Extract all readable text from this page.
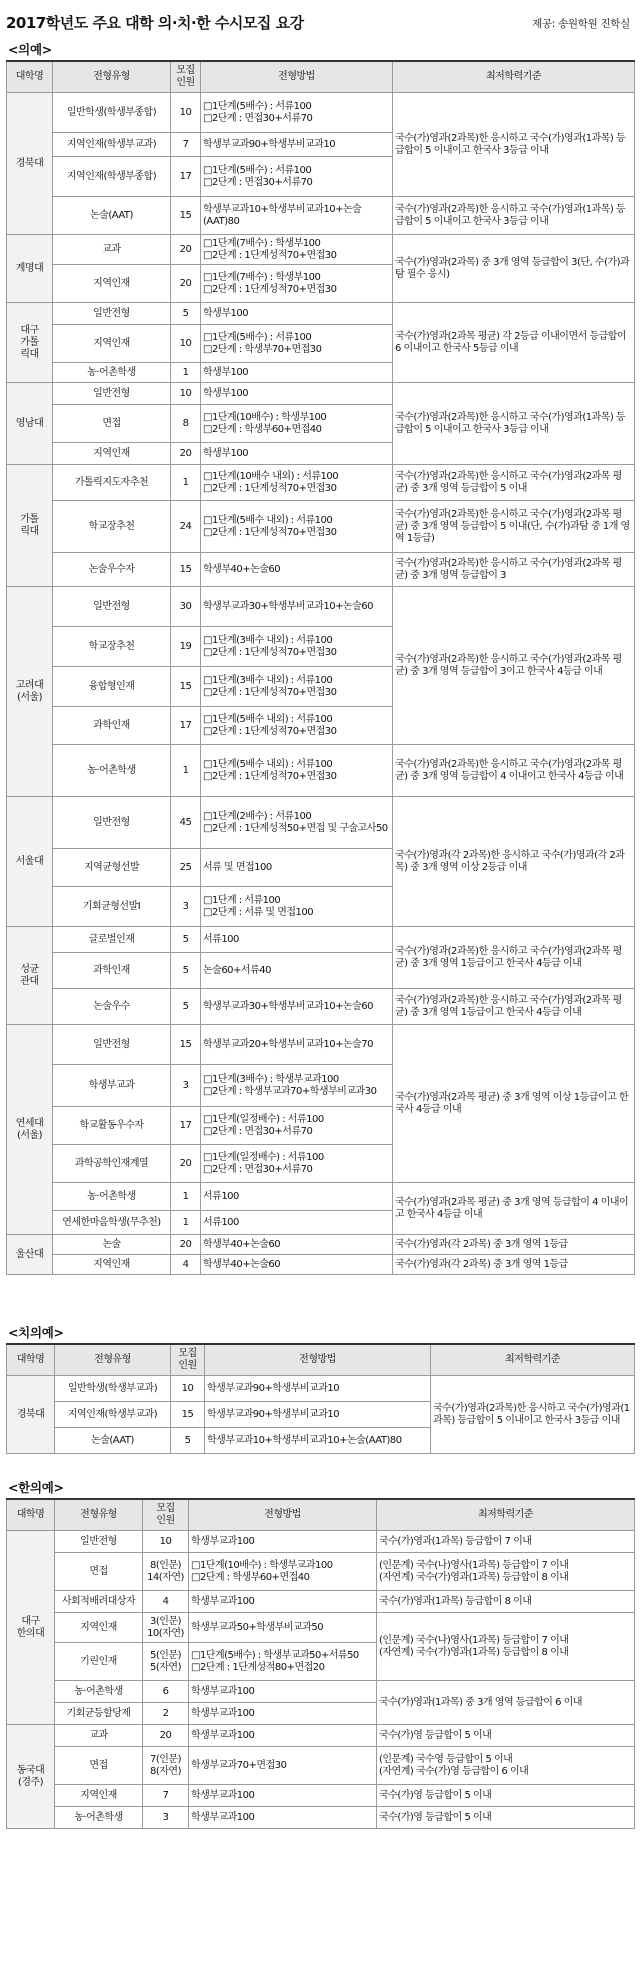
2017학년도 주요 대학 의·치·한 수시모집 요강	제공: 송원학원 진학실
<의예>
대학명	전형유형	모집
인원	전형방법	최저학력기준

경북대	일반학생(학생부종합)	10	□1단계(5배수) : 서류100
□2단계 : 면접30+서류70	국수(가)영과(2과목)한 응시하고 국수(가)영과(1과목) 등급합이 5 이내이고 한국사 3등급 이내

	지역인재(학생부교과)	7	학생부교과90+학생부비교과10	

	지역인재(학생부종합)	17	□1단계(5배수) : 서류100
□2단계 : 면접30+서류70	

	논술(AAT)	15	학생부교과10+학생부비교과10+논술(AAT)80	국수(가)영과(2과목)한 응시하고 국수(가)영과(1과목) 등급합이 5 이내이고 한국사 3등급 이내

계명대	교과	20	□1단계(7배수) : 학생부100
□2단계 : 1단계성적70+면접30	국수(가)영과(2과목) 중 3개 영역 등급합이 3(단, 수(가)과탐 필수 응시)

	지역인재	20	□1단계(7배수) : 학생부100
□2단계 : 1단계성적70+면접30	

대구
가톨
릭대	일반전형	5	학생부100	국수(가)영과(2과목 평균) 각 2등급 이내이면서 등급합이 6 이내이고 한국사 5등급 이내

	지역인재	10	□1단계(5배수) : 서류100
□2단계 : 학생부70+면접30	

	농·어촌학생	1	학생부100	

영남대	일반전형	10	학생부100	국수(가)영과(2과목)한 응시하고 국수(가)영과(1과목) 등급합이 5 이내이고 한국사 3등급 이내

	면접	8	□1단계(10배수) : 학생부100
□2단계 : 학생부60+면접40	

	지역인재	20	학생부100	

가톨
릭대	가톨릭지도자추천	1	□1단계(10배수 내외) : 서류100
□2단계 : 1단계성적70+면접30	국수(가)영과(2과목)한 응시하고 국수(가)영과(2과목 평균) 중 3개 영역 등급합이 5 이내

	학교장추천	24	□1단계(5배수 내외) : 서류100
□2단계 : 1단계성적70+면접30	국수(가)영과(2과목)한 응시하고 국수(가)영과(2과목 평균) 중 3개 영역 등급합이 5 이내(단, 수(가)과탐 중 1개 영역 1등급)

	논술우수자	15	학생부40+논술60	국수(가)영과(2과목)한 응시하고 국수(가)영과(2과목 평균) 중 3개 영역 등급합이 3

고려대
(서울)	일반전형	30	학생부교과30+학생부비교과10+논술60	국수(가)영과(2과목)한 응시하고 국수(가)영과(2과목 평균) 중 3개 영역 등급합이 3이고 한국사 4등급 이내

	학교장추천	19	□1단계(3배수 내외) : 서류100
□2단계 : 1단계성적70+면접30	

	융합형인재	15	□1단계(3배수 내외) : 서류100
□2단계 : 1단계성적70+면접30	

	과학인재	17	□1단계(5배수 내외) : 서류100
□2단계 : 1단계성적70+면접30	

	농·어촌학생	1	□1단계(5배수 내외) : 서류100
□2단계 : 1단계성적70+면접30	국수(가)영과(2과목)한 응시하고 국수(가)영과(2과목 평균) 중 3개 영역 등급합이 4 이내이고 한국사 4등급 이내

서울대	일반전형	45	□1단계(2배수) : 서류100
□2단계 : 1단계성적50+면접 및 구술고사50	국수(가)영과(각 2과목)한 응시하고 국수(가)영과(각 2과목) 중 3개 영역 이상 2등급 이내

	지역균형선발	25	서류 및 면접100	

	기회균형선발Ⅰ	3	□1단계 : 서류100
□2단계 : 서류 및 면접100	

성균
관대	글로벌인재	5	서류100	국수(가)영과(2과목)한 응시하고 국수(가)영과(2과목 평균) 중 3개 영역 1등급이고 한국사 4등급 이내

	과학인재	5	논술60+서류40	

	논술우수	5	학생부교과30+학생부비교과10+논술60	국수(가)영과(2과목)한 응시하고 국수(가)영과(2과목 평균) 중 3개 영역 1등급이고 한국사 4등급 이내

연세대
(서울)	일반전형	15	학생부교과20+학생부비교과10+논술70	국수(가)영과(2과목 평균) 중 3개 영역 이상 1등급이고 한국사 4등급 이내

	학생부교과	3	□1단계(3배수) : 학생부교과100
□2단계 : 학생부교과70+학생부비교과30	

	학교활동우수자	17	□1단계(일정배수) : 서류100
□2단계 : 면접30+서류70	

	과학공학인재계열	20	□1단계(일정배수) : 서류100
□2단계 : 면접30+서류70	

	농·어촌학생	1	서류100	국수(가)영과(2과목 평균) 중 3개 영역 등급합이 4 이내이고 한국사 4등급 이내

	연세한마음학생(무추천)	1	서류100	

울산대	논술	20	학생부40+논술60	국수(가)영과(각 2과목) 중 3개 영역 1등급

	지역인재	4	학생부40+논술60	국수(가)영과(각 2과목) 중 3개 영역 1등급
<치의예>
대학명	전형유형	모집
인원	전형방법	최저학력기준

경북대	일반학생(학생부교과)	10	학생부교과90+학생부비교과10	국수(가)영과(2과목)한 응시하고 국수(가)영과(1과목) 등급합이 5 이내이고 한국사 3등급 이내

	지역인재(학생부교과)	15	학생부교과90+학생부비교과10	

	논술(AAT)	5	학생부교과10+학생부비교과10+논술(AAT)80	
<한의예>
대학명	전형유형	모집
인원	전형방법	최저학력기준

대구
한의대	일반전형	10	학생부교과100	국수(가)영과(1과목) 등급합이 7 이내

	면접	8(인문)
14(자연)	□1단계(10배수) : 학생부교과100
□2단계 : 학생부60+면접40	(인문계) 국수(나)영사(1과목) 등급합이 7 이내
(자연계) 국수(가)영과(1과목) 등급합이 8 이내

	사회적배려대상자	4	학생부교과100	국수(가)영과(1과목) 등급합이 8 이내

	지역인재	3(인문)
10(자연)	학생부교과50+학생부비교과50	(인문계) 국수(나)영사(1과목) 등급합이 7 이내
(자연계) 국수(가)영과(1과목) 등급합이 8 이내

	기린인재	5(인문)
5(자연)	□1단계(5배수) : 학생부교과50+서류50
□2단계 : 1단계성적80+면접20	

	농·어촌학생	6	학생부교과100	국수(가)영과(1과목) 중 3개 영역 등급합이 6 이내

	기회균등할당제	2	학생부교과100	

동국대
(경주)	교과	20	학생부교과100	국수(가)영 등급합이 5 이내

	면접	7(인문)
8(자연)	학생부교과70+면접30	(인문계) 국수영 등급합이 5 이내
(자연계) 국수(가)영 등급합이 6 이내

	지역인재	7	학생부교과100	국수(가)영 등급합이 5 이내

	농·어촌학생	3	학생부교과100	국수(가)영 등급합이 5 이내
